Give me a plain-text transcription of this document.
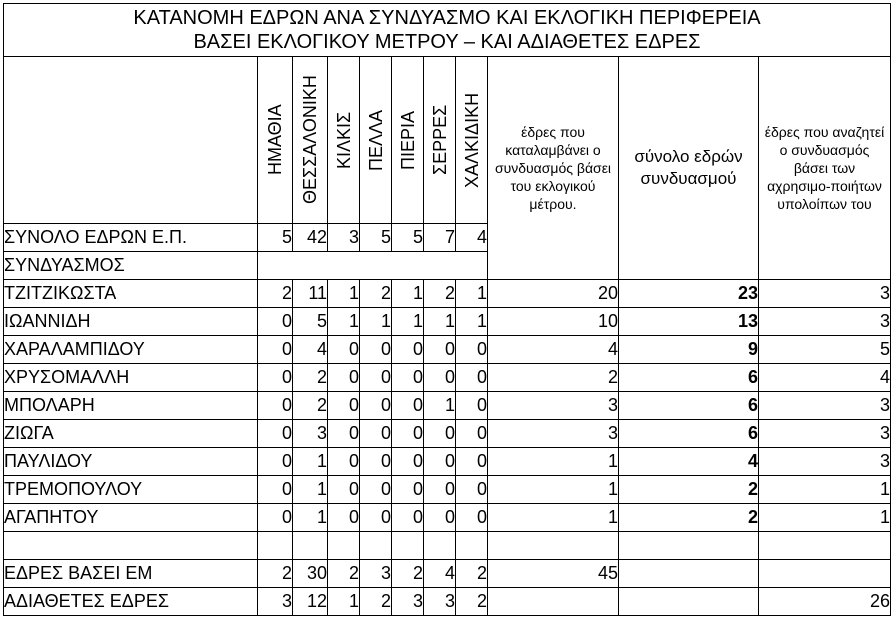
ΚΑΤΑΝΟΜΗ ΕΔΡΩΝ ΑΝΑ ΣΥΝΔΥΑΣΜΟ ΚΑΙ ΕΚΛΟΓΙΚΗ ΠΕΡΙΦΕΡΕΙΑ
ΒΑΣΕΙ ΕΚΛΟΓΙΚΟΥ ΜΕΤΡΟΥ – ΚΑΙ ΑΔΙΑΘΕΤΕΣ ΕΔΡΕΣ										

ΗΜΑΘΙΑ	ΘΕΣΣΑΛΟΝΙΚΗ	ΚΙΛΚΙΣ	ΠΕΛΛΑ	ΠΙΕΡΙΑ	ΣΕΡΡΕΣ	ΧΑΛΚΙΔΙΚΗ	έδρες που καταλαμβάνει ο συνδυασμός βάσει του εκλογικού μέτρου.	σύνολο εδρών συνδυασμού	έδρες που αναζητεί ο συνδυασμός βάσει των αχρησιμο-ποιήτων υπολοίπων του

ΣΥΝΟΛΟ ΕΔΡΩΝ Ε.Π.	5	42	3	5	5	7	4			
ΣΥΝΔΥΑΣΜΟΣ										
ΤΖΙΤΖΙΚΩΣΤΑ	2	11	1	2	1	2	1	20	23	3
ΙΩΑΝΝΙΔΗ	0	5	1	1	1	1	1	10	13	3
ΧΑΡΑΛΑΜΠΙΔΟΥ	0	4	0	0	0	0	0	4	9	5
ΧΡΥΣΟΜΑΛΛΗ	0	2	0	0	0	0	0	2	6	4
ΜΠΟΛΑΡΗ	0	2	0	0	0	1	0	3	6	3
ΖΙΩΓΑ	0	3	0	0	0	0	0	3	6	3
ΠΑΥΛΙΔΟΥ	0	1	0	0	0	0	0	1	4	3
ΤΡΕΜΟΠΟΥΛΟΥ	0	1	0	0	0	0	0	1	2	1
ΑΓΑΠΗΤΟΥ	0	1	0	0	0	0	0	1	2	1

ΕΔΡΕΣ ΒΑΣΕΙ ΕΜ	2	30	2	3	2	4	2	45		
ΑΔΙΑΘΕΤΕΣ ΕΔΡΕΣ	3	12	1	2	3	3	2			26
